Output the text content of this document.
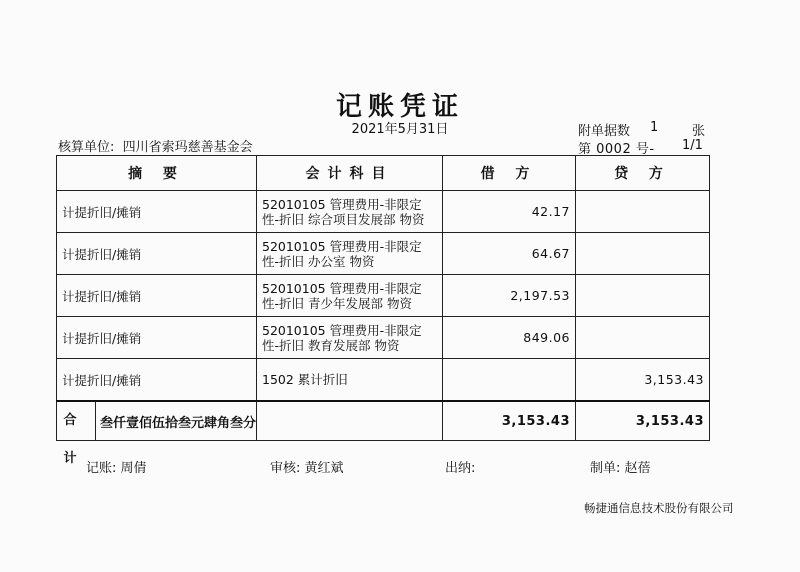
记账凭证
2021年5月31日
核算单位: 四川省索玛慈善基金会
附单据数 1	张
第 0002 号- 1/1
摘 要	会计科目	借 方	贷 方
计提折旧/摊销	52010105 管理费用-非限定性-折旧 综合项目发展部 物资	42.17	
计提折旧/摊销	52010105 管理费用-非限定性-折旧 办公室 物资	64.67	
计提折旧/摊销	52010105 管理费用-非限定性-折旧 青少年发展部 物资	2,197.53	
计提折旧/摊销	52010105 管理费用-非限定性-折旧 教育发展部 物资	849.06	
计提折旧/摊销	1502 累计折旧		3,153.43

合 计
叁仟壹佰伍拾叁元肆角叁分		3,153.43	3,153.43
记账: 周倩	审核: 黄红斌	出纳:	制单: 赵蓓
畅捷通信息技术股份有限公司
